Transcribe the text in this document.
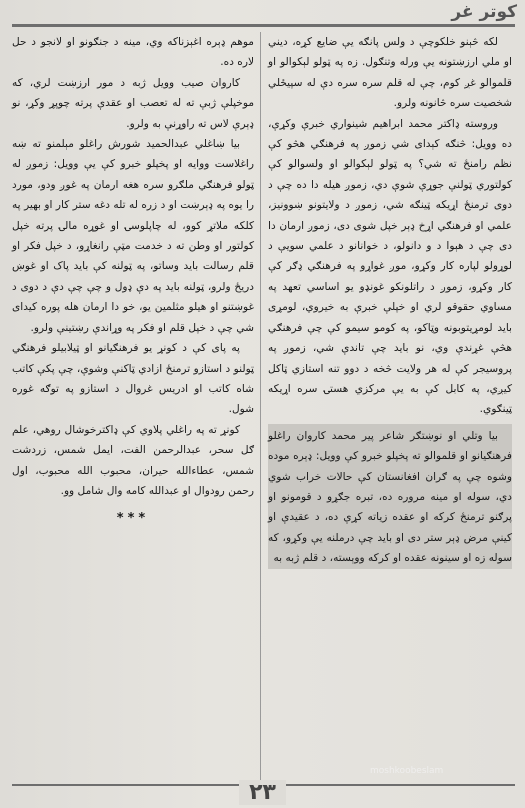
کوتر غر

لکه څېنو خلکوچې د ولس پانګه يې ضايع کړه، ديني او ملي ارزښتونه يې ورله وتنګول. زه په ټولو لېکوالو او قلموالو غږ کوم، چې له قلم سره سره دې له سپيځلي شخصيت سره څانونه ولرو.

وروسته ډاکتر محمد ابراهيم شينواري خبرې وکړې، ده وويل: څنګه کېدای شي زموږ په فرهنګي هڅو کې نظم رامنځ ته شي؟ په ټولو لېکوالو او ولسوالو کې کولتوري ټولنې جوړې شوې دي، زموږ هيله دا ده چې د دوی ترمنځ اړيکه ټينګه شي، زموږ د ولايتونو ښوونيز، علمي او فرهنګي اړخ ډېر خپل شوی دی، زموږ ارمان دا دی چې د هېوا د و دانولو، د خوانانو د علمي سويې د لوړولو لپاره کار وکړو، موږ غواړو په فرهنګي ډګر کې کار وکړو، زموږ د راتلونکو غونډو يو اساسي تعهد په مساوي حقوقو لري او خپلې خبرې به خيروي، لومړی بايد لومړيتوبونه وټاکو، په کومو سيمو کې چې فرهنګي هڅې غړندې وي، نو بايد چې تاندې شي، زموږ په پروسيجر کې له هر ولايت څخه د دوو تنه استازي ټاکل کيږي، په کابل کې به يې مرکزي هستۍ سره اړيکه ټينګوي.

بيا وتلي او نوښتګر شاعر پير محمد کاروان راغلو فرهنګيانو او قلموالو ته پخپلو خبرو کې وويل: ډېره موده وشوه چې په ګران افغانستان کې حالات خراب شوي دي، سوله او مينه مروره ده، تبره جګړو د قومونو او پرګنو ترمنځ کرکه او عقده زياته کړې ده، د عقيدې او کينې مرض ډېر ستر دی او بايد چې درملنه يې وکړو، که سوله زه او سينونه عقده او کرکه ووېسته، د قلم ژبه به

موهم ډېره اغېزناکه وي، مينه د جنګونو او لانجو د حل لاره ده.

کاروان صيب وويل ژبه د مور ارزښت لري، که موخپلې ژبې ته له تعصب او عقدې پرته چوپړ وکړ، نو ډېرې لاس ته راوړنې به ولرو.

بيا ښاغلي عبدالحميد شورش راغلو مېلمنو ته ښه راغلاست ووايه او پخپلو خبرو کې يې وويل: زموږ له ټولو فرهنګي ملګرو سره هغه ارمان په غوږ ودو، مورد را يوه په ډېرښت او د زره له تله دغه ستر کار او بهير په کلکه ملاتړ کوو، له چاپلوسۍ او غوړه مالۍ پرته خپل کولتور او وطن ته د خدمت مټې رانغاړو، د خپل فکر او قلم رسالت بايد وساتو، په ټولنه کې بايد پاک او غوښ دريځ ولرو، ټولنه بايد په دې ډول و چې چې دې د دوی د غوښتنو او هيلو مثلمين يو، خو دا ارمان هله پوره کيدای شي چې د خپل قلم او فکر په وړاندې رښتينې ولرو.

په پای کې د کونړ يو فرهنګيانو او ټيلابيلو فرهنګي ټولنو د استازو ترمنځ ازادي ټاکنې وشوې، چې پکې کاتب شاه کاتب او ادريس غروال د استازو په توګه غوره شول.

کونړ ته په راغلي پلاوي کې ډاکترخوشال روهي، علم ګل سحر، عبدالرحمن الفت، ايمل شمس، زردشت شمس، عطاءالله حيران، محبوب الله محبوب، اول رحمن رودوال او عبدالله کامه وال شامل وو.

***
moshkoobeslam
۲۳
